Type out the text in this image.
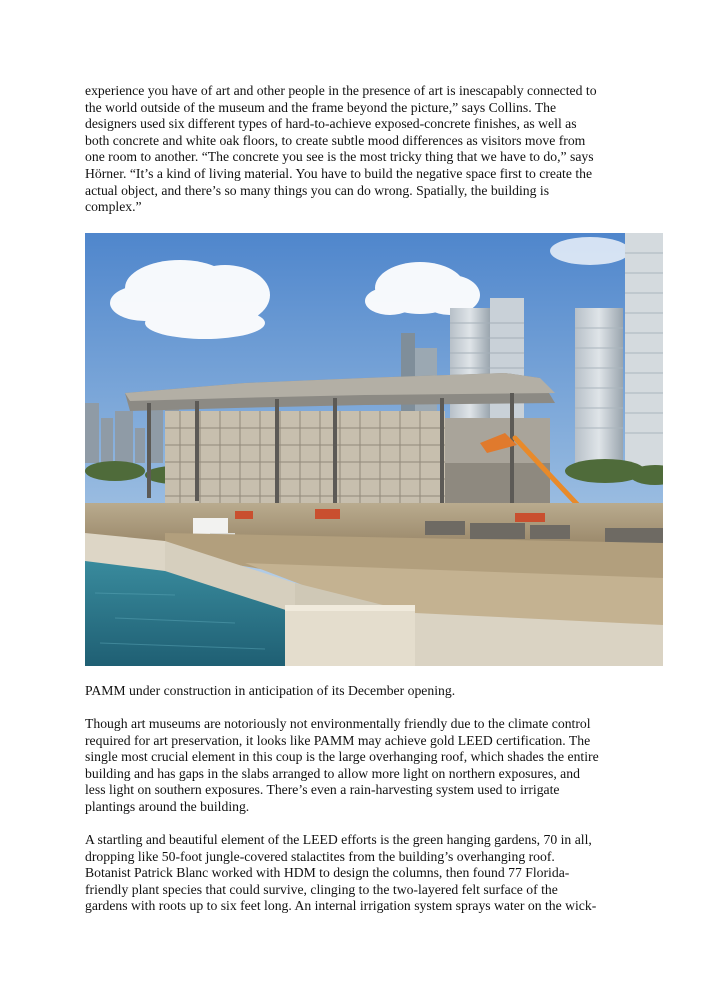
experience you have of art and other people in the presence of art is inescapably connected to
the world outside of the museum and the frame beyond the picture,” says Collins. The
designers used six different types of hard-to-achieve exposed-concrete finishes, as well as
both concrete and white oak floors, to create subtle mood differences as visitors move from
one room to another. “The concrete you see is the most tricky thing that we have to do,” says
Hörner. “It’s a kind of living material. You have to build the negative space first to create the
actual object, and there’s so many things you can do wrong. Spatially, the building is
complex.”
PAMM under construction in anticipation of its December opening.
Though art museums are notoriously not environmentally friendly due to the climate control
required for art preservation, it looks like PAMM may achieve gold LEED certification. The
single most crucial element in this coup is the large overhanging roof, which shades the entire
building and has gaps in the slabs arranged to allow more light on northern exposures, and
less light on southern exposures. There’s even a rain-harvesting system used to irrigate
plantings around the building.
A startling and beautiful element of the LEED efforts is the green hanging gardens, 70 in all,
dropping like 50-foot jungle-covered stalactites from the building’s overhanging roof.
Botanist Patrick Blanc worked with HDM to design the columns, then found 77 Florida-
friendly plant species that could survive, clinging to the two-layered felt surface of the
gardens with roots up to six feet long. An internal irrigation system sprays water on the wick-
